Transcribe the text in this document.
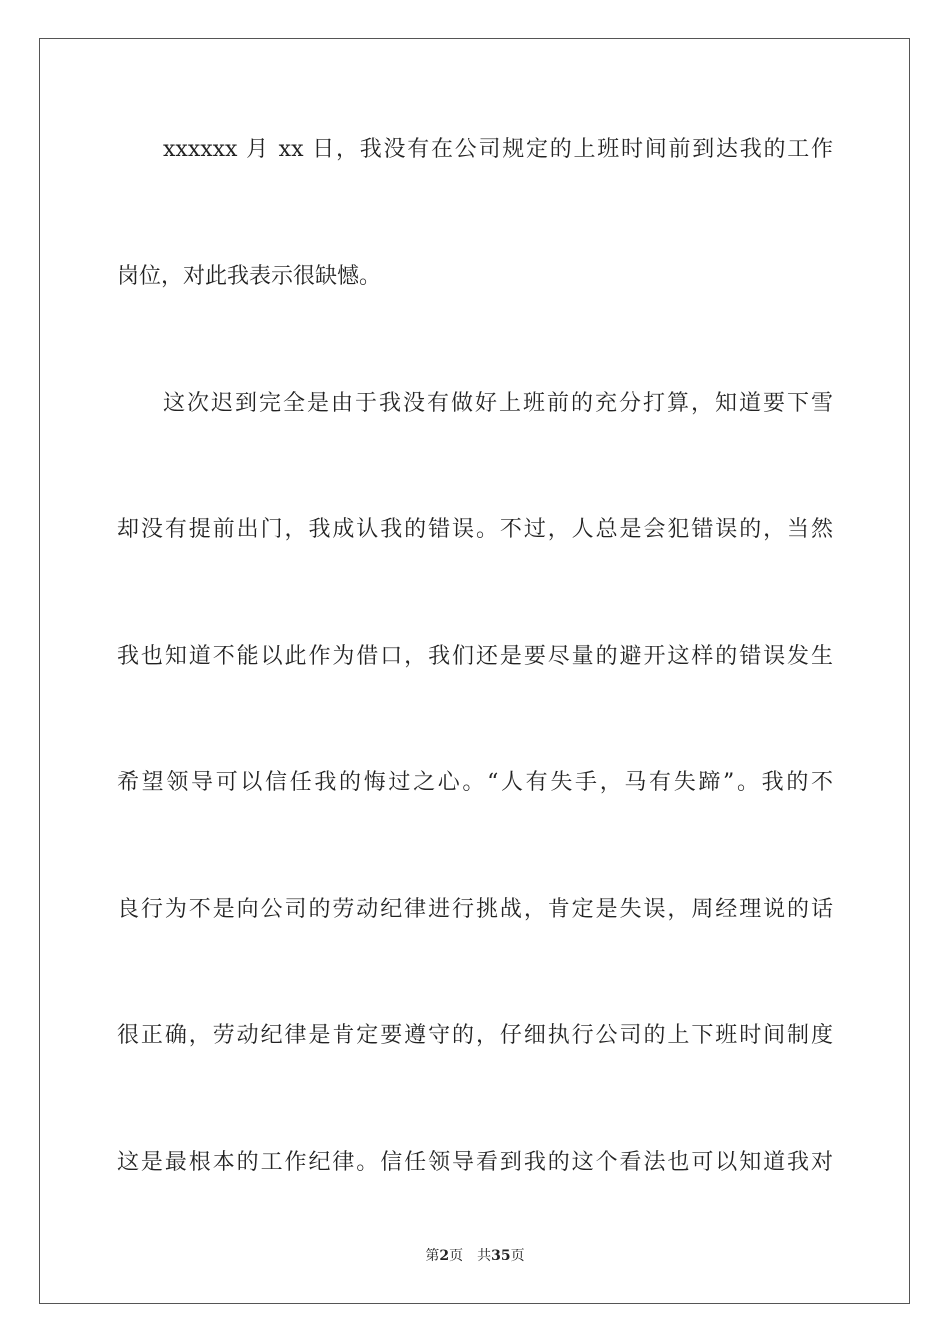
xxxxxx 月 xx 日，我没有在公司规定的上班时间前到达我的工作
岗位，对此我表示很缺憾。
这次迟到完全是由于我没有做好上班前的充分打算，知道要下雪
却没有提前出门，我成认我的错误。不过，人总是会犯错误的，当然
我也知道不能以此作为借口，我们还是要尽量的避开这样的错误发生
希望领导可以信任我的悔过之心。“人有失手，马有失蹄”。我的不
良行为不是向公司的劳动纪律进行挑战，肯定是失误，周经理说的话
很正确，劳动纪律是肯定要遵守的，仔细执行公司的上下班时间制度
这是最根本的工作纪律。信任领导看到我的这个看法也可以知道我对
第2页 共35页
